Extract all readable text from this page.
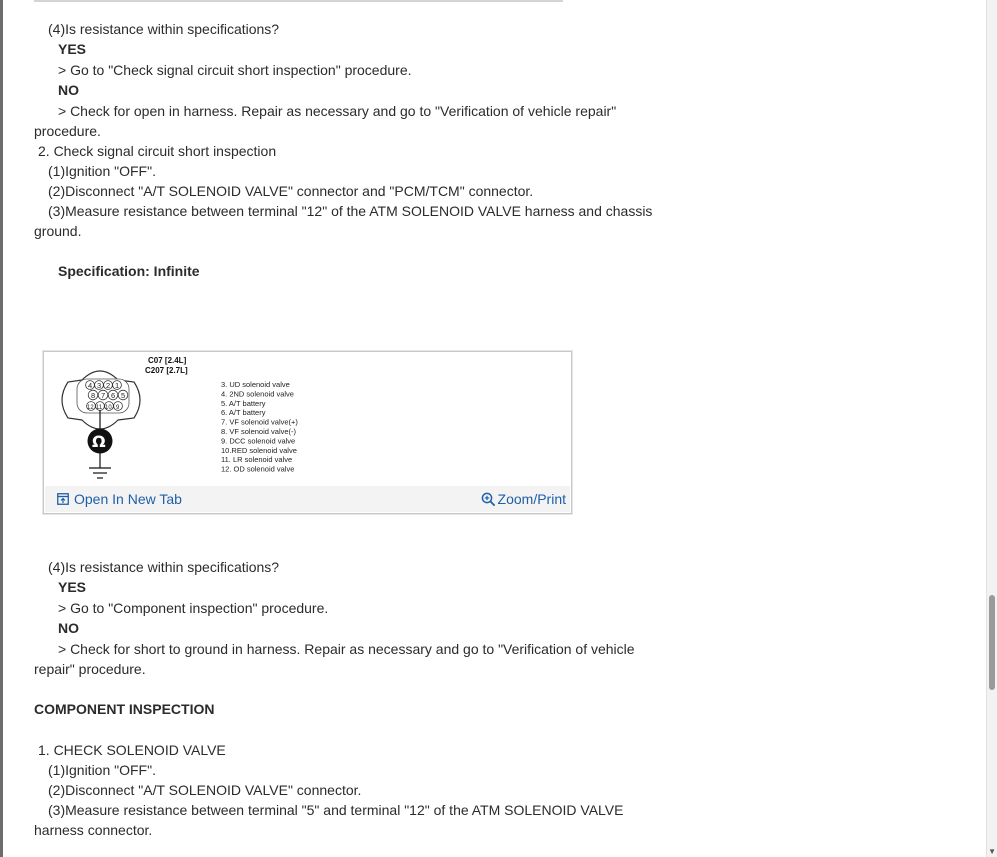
▼
(4)Is resistance within specifications?
YES
> Go to "Check signal circuit short inspection" procedure.
NO
> Check for open in harness. Repair as necessary and go to "Verification of vehicle repair"
procedure.
2. Check signal circuit short inspection
(1)Ignition "OFF".
(2)Disconnect "A/T SOLENOID VALVE" connector and "PCM/TCM" connector.
(3)Measure resistance between terminal "12" of the ATM SOLENOID VALVE harness and chassis
ground.
Specification: Infinite
C07 [2.4L]
C207 [2.7L]
4 3 2 1
8 7 6 5
12 11 10 9
Ω
3. UD solenoid valve
4. 2ND solenoid valve
5. A/T battery
6. A/T battery
7. VF solenoid valve(+)
8. VF solenoid valve(-)
9. DCC solenoid valve
10.RED solenoid valve
11. LR solenoid valve
12. OD solenoid valve
Open In New Tab	Zoom/Print
(4)Is resistance within specifications?
YES
> Go to "Component inspection" procedure.
NO
> Check for short to ground in harness. Repair as necessary and go to "Verification of vehicle
repair" procedure.
COMPONENT INSPECTION
1. CHECK SOLENOID VALVE
(1)Ignition "OFF".
(2)Disconnect "A/T SOLENOID VALVE" connector.
(3)Measure resistance between terminal "5" and terminal "12" of the ATM SOLENOID VALVE
harness connector.
